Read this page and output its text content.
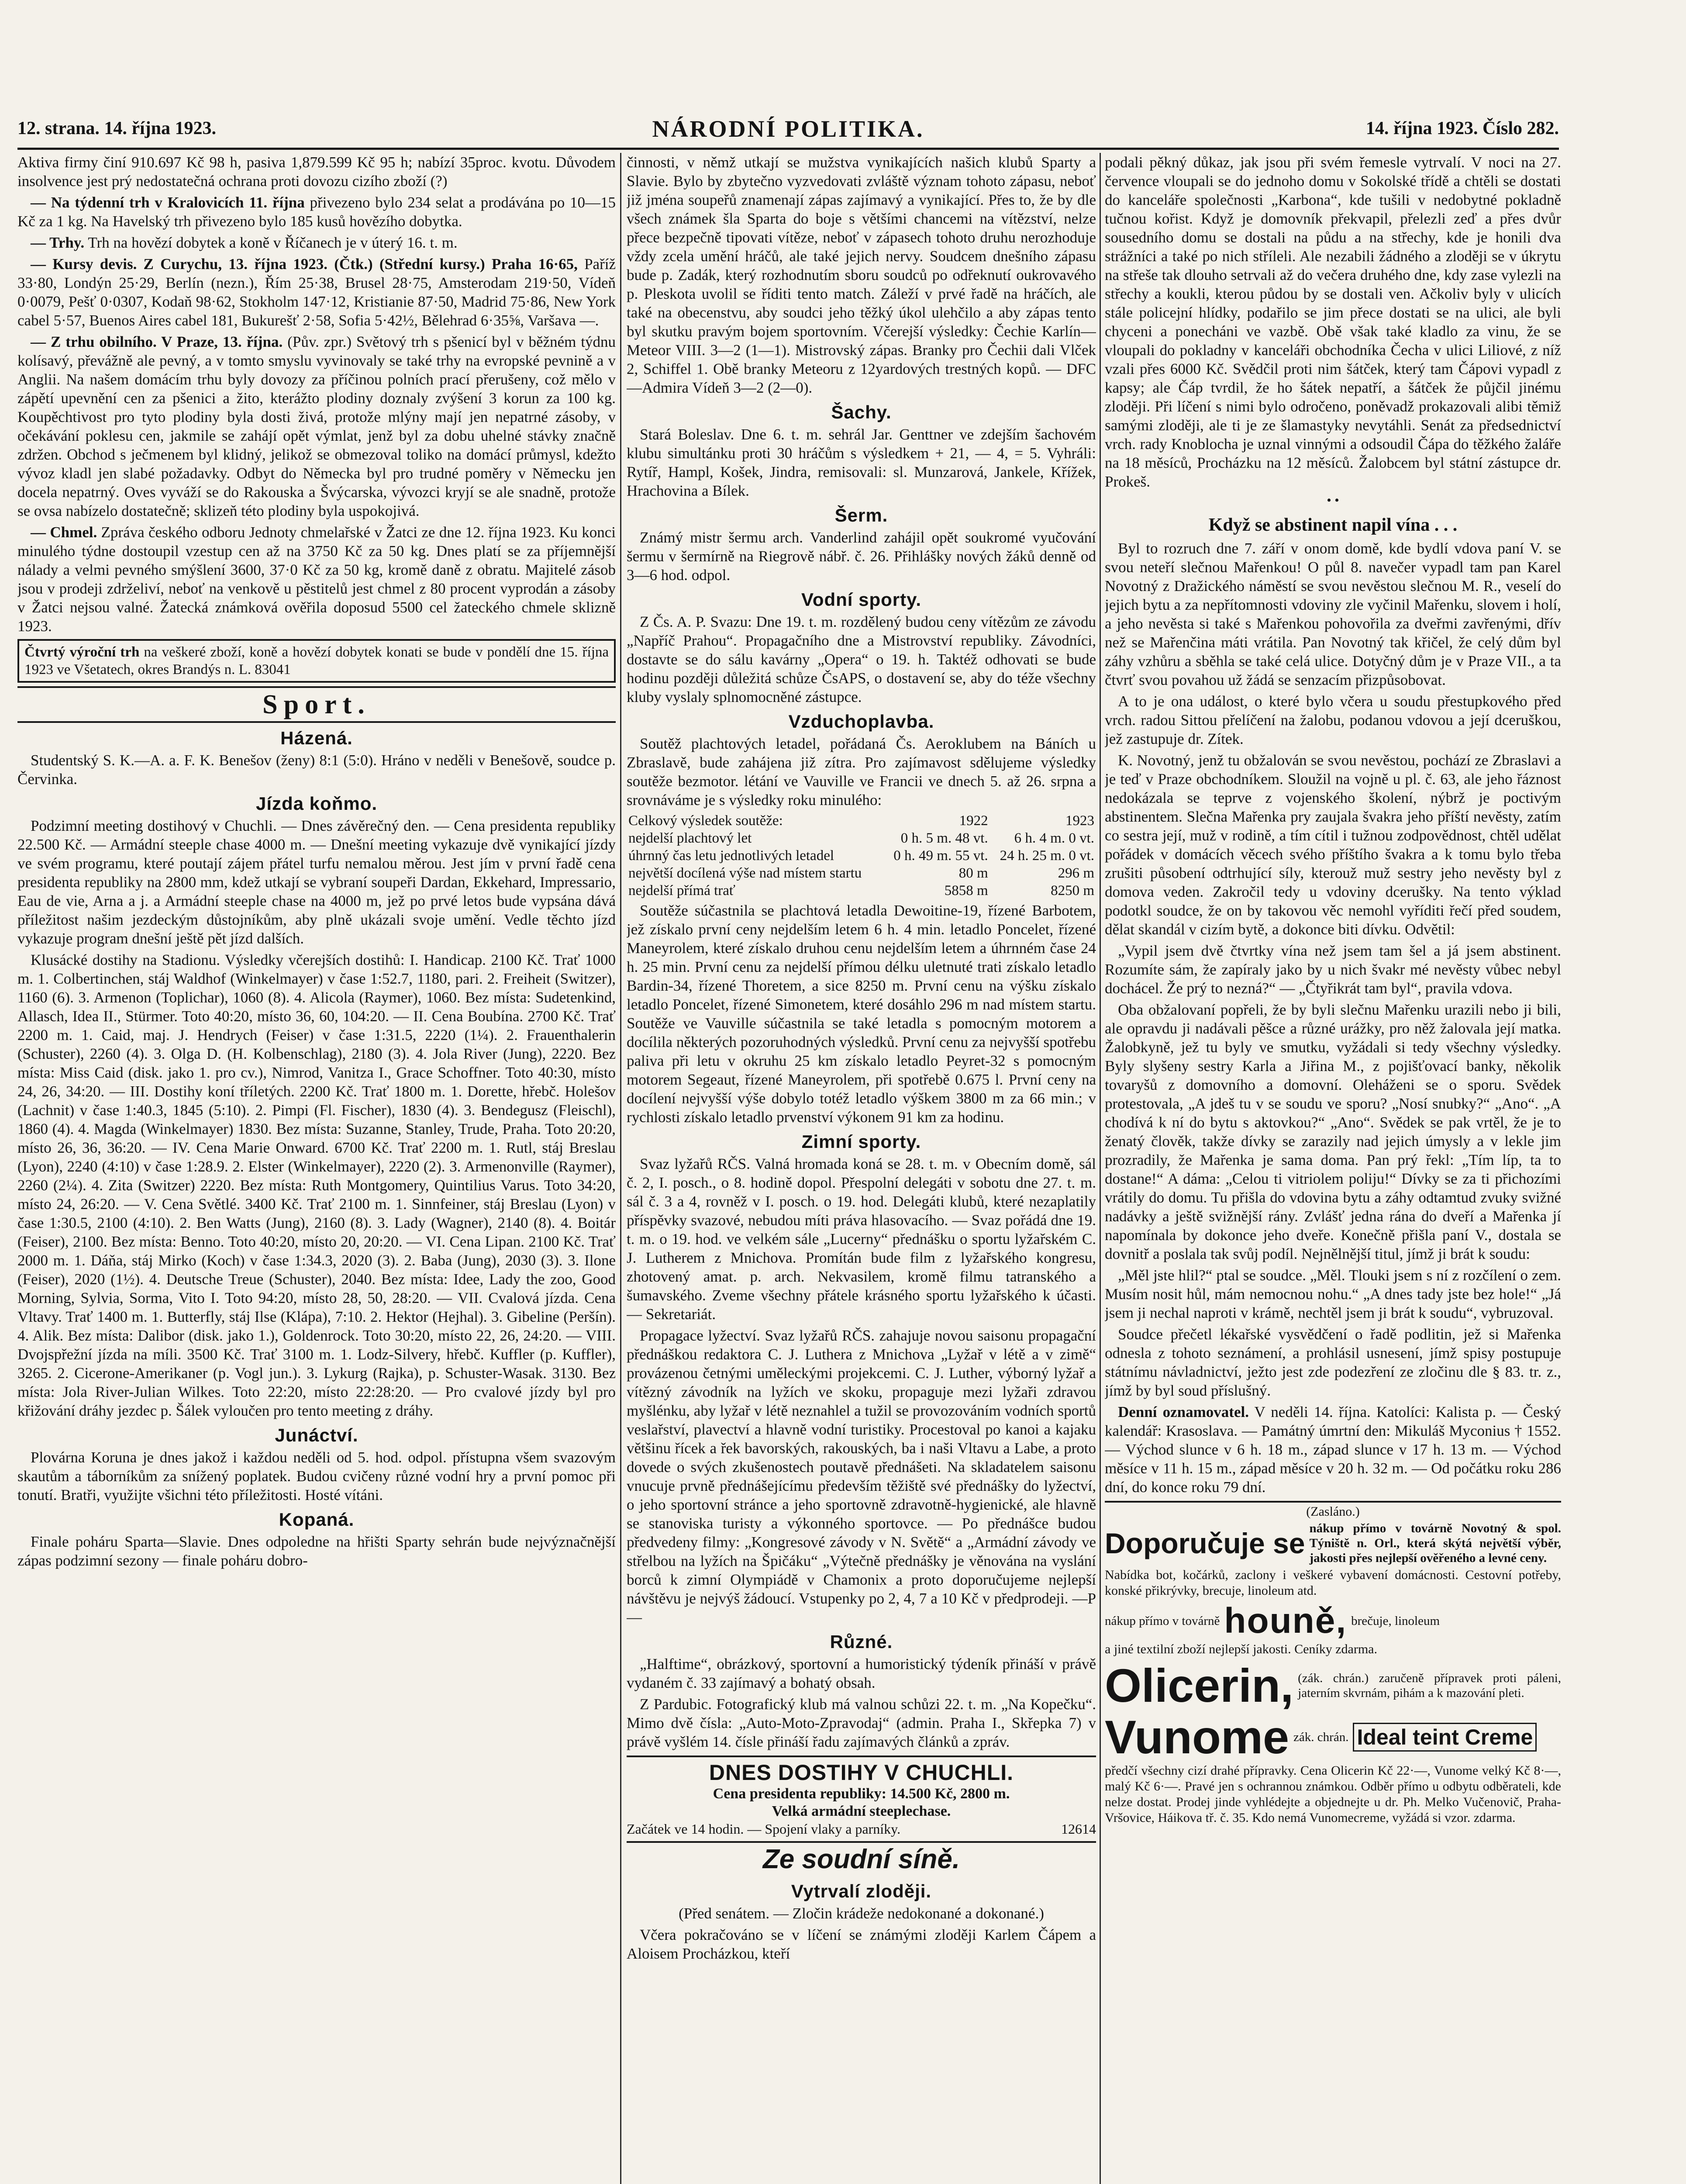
12. strana. 14. října 1923.	NÁRODNÍ POLITIKA.	14. října 1923. Číslo 282.

Aktiva firmy činí 910.697 Kč 98 h, pasiva 1,879.599 Kč 95 h; nabízí 35proc. kvotu. Důvodem insolvence jest prý nedostatečná ochrana proti dovozu cizího zboží (?)

— Na týdenní trh v Kralovicích 11. října přivezeno bylo 234 selat a prodávána po 10—15 Kč za 1 kg. Na Havelský trh přivezeno bylo 185 kusů hovězího dobytka.

— Trhy. Trh na hovězí dobytek a koně v Říčanech je v úterý 16. t. m.

— Kursy devis. Z Curychu, 13. října 1923. (Čtk.) (Střední kursy.) Praha 16·65, Paříž 33·80, Londýn 25·29, Berlín (nezn.), Řím 25·38, Brusel 28·75, Amsterodam 219·50, Vídeň 0·0079, Pešť 0·0307, Kodaň 98·62, Stokholm 147·12, Kristianie 87·50, Madrid 75·86, New York cabel 5·57, Buenos Aires cabel 181, Bukurešť 2·58, Sofia 5·42½, Bělehrad 6·35⅝, Varšava —.

— Z trhu obilního. V Praze, 13. října. (Pův. zpr.) Světový trh s pšenicí byl v běžném týdnu kolísavý, převážně ale pevný, a v tomto smyslu vyvinovaly se také trhy na evropské pevnině a v Anglii. Na našem domácím trhu byly dovozy za příčinou polních prací přerušeny, což mělo v zápětí upevnění cen za pšenici a žito, kterážto plodiny doznaly zvýšení 3 korun za 100 kg. Koupěchtivost pro tyto plodiny byla dosti živá, protože mlýny mají jen nepatrné zásoby, v očekávání poklesu cen, jakmile se zahájí opět výmlat, jenž byl za dobu uhelné stávky značně zdržen. Obchod s ječmenem byl klidný, jelikož se obmezoval toliko na domácí průmysl, kdežto vývoz kladl jen slabé požadavky. Odbyt do Německa byl pro trudné poměry v Německu jen docela nepatrný. Oves vyváží se do Rakouska a Švýcarska, vývozci kryjí se ale snadně, protože se ovsa nabízelo dostatečně; sklizeň této plodiny byla uspokojivá.

— Chmel. Zpráva českého odboru Jednoty chmelařské v Žatci ze dne 12. října 1923. Ku konci minulého týdne dostoupil vzestup cen až na 3750 Kč za 50 kg. Dnes platí se za příjemnější nálady a velmi pevného smýšlení 3600, 37·0 Kč za 50 kg, kromě daně z obratu. Majitelé zásob jsou v prodeji zdrželiví, neboť na venkově u pěstitelů jest chmel z 80 procent vyprodán a zásoby v Žatci nejsou valné. Žatecká známková ověřila doposud 5500 cel žateckého chmele sklizně 1923.

Čtvrtý výroční trh na veškeré zboží, koně a hovězí dobytek konati se bude v pondělí dne 15. října 1923 ve Všetatech, okres Brandýs n. L. 83041
Sport.
Házená.

Studentský S. K.—A. a. F. K. Benešov (ženy) 8:1 (5:0). Hráno v neděli v Benešově, soudce p. Červinka.

Jízda koňmo.

Podzimní meeting dostihový v Chuchli. — Dnes závěrečný den. — Cena presidenta republiky 22.500 Kč. — Armádní steeple chase 4000 m. — Dnešní meeting vykazuje dvě vynikající jízdy ve svém programu, které poutají zájem přátel turfu nemalou měrou. Jest jím v první řadě cena presidenta republiky na 2800 mm, kdež utkají se vybraní soupeři Dardan, Ekkehard, Impressario, Eau de vie, Arna a j. a Armádní steeple chase na 4000 m, jež po prvé letos bude vypsána dává příležitost našim jezdeckým důstojníkům, aby plně ukázali svoje umění. Vedle těchto jízd vykazuje program dnešní ještě pět jízd dalších.

Klusácké dostihy na Stadionu. Výsledky včerejších dostihů: I. Handicap. 2100 Kč. Trať 1000 m. 1. Colbertinchen, stáj Waldhof (Winkelmayer) v čase 1:52.7, 1180, pari. 2. Freiheit (Switzer), 1160 (6). 3. Armenon (Toplichar), 1060 (8). 4. Alicola (Raymer), 1060. Bez místa: Sudetenkind, Allasch, Idea II., Stürmer. Toto 40:20, místo 36, 60, 104:20. — II. Cena Boubína. 2700 Kč. Trať 2200 m. 1. Caid, maj. J. Hendrych (Feiser) v čase 1:31.5, 2220 (1¼). 2. Frauenthalerin (Schuster), 2260 (4). 3. Olga D. (H. Kolbenschlag), 2180 (3). 4. Jola River (Jung), 2220. Bez místa: Miss Caid (disk. jako 1. pro cv.), Nimrod, Vanitza I., Grace Schoffner. Toto 40:30, místo 24, 26, 34:20. — III. Dostihy koní tříletých. 2200 Kč. Trať 1800 m. 1. Dorette, hřebč. Holešov (Lachnit) v čase 1:40.3, 1845 (5:10). 2. Pimpi (Fl. Fischer), 1830 (4). 3. Bendegusz (Fleischl), 1860 (4). 4. Magda (Winkelmayer) 1830. Bez místa: Suzanne, Stanley, Trude, Praha. Toto 20:20, místo 26, 36, 36:20. — IV. Cena Marie Onward. 6700 Kč. Trať 2200 m. 1. Rutl, stáj Breslau (Lyon), 2240 (4:10) v čase 1:28.9. 2. Elster (Winkelmayer), 2220 (2). 3. Armenonville (Raymer), 2260 (2¼). 4. Zita (Switzer) 2220. Bez místa: Ruth Montgomery, Quintilius Varus. Toto 34:20, místo 24, 26:20. — V. Cena Světlé. 3400 Kč. Trať 2100 m. 1. Sinnfeiner, stáj Breslau (Lyon) v čase 1:30.5, 2100 (4:10). 2. Ben Watts (Jung), 2160 (8). 3. Lady (Wagner), 2140 (8). 4. Boitár (Feiser), 2100. Bez místa: Benno. Toto 40:20, místo 20, 20:20. — VI. Cena Lipan. 2100 Kč. Trať 2000 m. 1. Dáňa, stáj Mirko (Koch) v čase 1:34.3, 2020 (3). 2. Baba (Jung), 2030 (3). 3. Ilone (Feiser), 2020 (1½). 4. Deutsche Treue (Schuster), 2040. Bez místa: Idee, Lady the zoo, Good Morning, Sylvia, Sorma, Vito I. Toto 94:20, místo 28, 50, 28:20. — VII. Cvalová jízda. Cena Vltavy. Trať 1400 m. 1. Butterfly, stáj Ilse (Klápa), 7:10. 2. Hektor (Hejhal). 3. Gibeline (Peršín). 4. Alik. Bez místa: Dalibor (disk. jako 1.), Goldenrock. Toto 30:20, místo 22, 26, 24:20. — VIII. Dvojspřežní jízda na míli. 3500 Kč. Trať 3100 m. 1. Lodz-Silvery, hřebč. Kuffler (p. Kuffler), 3265. 2. Cicerone-Amerikaner (p. Vogl jun.). 3. Lykurg (Rajka), p. Schuster-Wasak. 3130. Bez místa: Jola River-Julian Wilkes. Toto 22:20, místo 22:28:20. — Pro cvalové jízdy byl pro křižování dráhy jezdec p. Šálek vyloučen pro tento meeting z dráhy.

Junáctví.

Plovárna Koruna je dnes jakož i každou neděli od 5. hod. odpol. přístupna všem svazovým skautům a táborníkům za snížený poplatek. Budou cvičeny různé vodní hry a první pomoc při tonutí. Bratři, využijte všichni této příležitosti. Hosté vítáni.

Kopaná.

Finale poháru Sparta—Slavie. Dnes odpoledne na hřišti Sparty sehrán bude nejvýznačnější zápas podzimní sezony — finale poháru dobro-

činnosti, v němž utkají se mužstva vynikajících našich klubů Sparty a Slavie. Bylo by zbytečno vyzvedovati zvláště význam tohoto zápasu, neboť již jména soupeřů znamenají zápas zajímavý a vynikající. Přes to, že by dle všech známek šla Sparta do boje s většími chancemi na vítězství, nelze přece bezpečně tipovati vítěze, neboť v zápasech tohoto druhu nerozhoduje vždy zcela umění hráčů, ale také jejich nervy. Soudcem dnešního zápasu bude p. Zadák, který rozhodnutím sboru soudců po odřeknutí oukrovavého p. Pleskota uvolil se říditi tento match. Záleží v prvé řadě na hráčích, ale také na obecenstvu, aby soudci jeho těžký úkol ulehčilo a aby zápas tento byl skutku pravým bojem sportovním. Včerejší výsledky: Čechie Karlín—Meteor VIII. 3—2 (1—1). Mistrovský zápas. Branky pro Čechii dali Vlček 2, Schiffel 1. Obě branky Meteoru z 12yardových trestných kopů. — DFC—Admira Vídeň 3—2 (2—0).

Šachy.

Stará Boleslav. Dne 6. t. m. sehrál Jar. Genttner ve zdejším šachovém klubu simultánku proti 30 hráčům s výsledkem + 21, — 4, = 5. Vyhráli: Rytíř, Hampl, Košek, Jindra, remisovali: sl. Munzarová, Jankele, Křížek, Hrachovina a Bílek.

Šerm.

Známý mistr šermu arch. Vanderlind zahájil opět soukromé vyučování šermu v šermírně na Riegrově nábř. č. 26. Přihlášky nových žáků denně od 3—6 hod. odpol.

Vodní sporty.

Z Čs. A. P. Svazu: Dne 19. t. m. rozdělený budou ceny vítězům ze závodu „Napříč Prahou“. Propagačního dne a Mistrovství republiky. Závodníci, dostavte se do sálu kavárny „Opera“ o 19. h. Taktéž odhovati se bude hodinu později důležitá schůze ČsAPS, o dostavení se, aby do téže všechny kluby vyslaly splnomocněné zástupce.

Vzduchoplavba.

Soutěž plachtových letadel, pořádaná Čs. Aeroklubem na Báních u Zbraslavě, bude zahájena již zítra. Pro zajímavost sdělujeme výsledky soutěže bezmotor. létání ve Vauville ve Francii ve dnech 5. až 26. srpna a srovnáváme je s výsledky roku minulého:

Celkový výsledek soutěže:	1922	1923
nejdelší plachtový let	0 h. 5 m. 48 vt.	6 h. 4 m. 0 vt.
úhrnný čas letu jednotlivých letadel	0 h. 49 m. 55 vt.	24 h. 25 m. 0 vt.
největší docílená výše nad místem startu	80 m	296 m
nejdelší přímá trať	5858 m	8250 m

Soutěže súčastnila se plachtová letadla Dewoitine-19, řízené Barbotem, jež získalo první ceny nejdelším letem 6 h. 4 min. letadlo Poncelet, řízené Maneyrolem, které získalo druhou cenu nejdelším letem a úhrnném čase 24 h. 25 min. První cenu za nejdelší přímou délku uletnuté trati získalo letadlo Bardin-34, řízené Thoretem, a sice 8250 m. První cenu na výšku získalo letadlo Poncelet, řízené Simonetem, které dosáhlo 296 m nad místem startu. Soutěže ve Vauville súčastnila se také letadla s pomocným motorem a docílila některých pozoruhodných výsledků. První cenu za nejvyšší spotřebu paliva při letu v okruhu 25 km získalo letadlo Peyret-32 s pomocným motorem Segeaut, řízené Maneyrolem, při spotřebě 0.675 l. První ceny na docílení nejvyšší výše dobylo totéž letadlo výškem 3800 m za 66 min.; v rychlosti získalo letadlo prvenství výkonem 91 km za hodinu.

Zimní sporty.

Svaz lyžařů RČS. Valná hromada koná se 28. t. m. v Obecním domě, sál č. 2, I. posch., o 8. hodině dopol. Přespolní delegáti v sobotu dne 27. t. m. sál č. 3 a 4, rovněž v I. posch. o 19. hod. Delegáti klubů, které nezaplatily příspěvky svazové, nebudou míti práva hlasovacího. — Svaz pořádá dne 19. t. m. o 19. hod. ve velkém sále „Lucerny“ přednášku o sportu lyžařském C. J. Lutherem z Mnichova. Promítán bude film z lyžařského kongresu, zhotovený amat. p. arch. Nekvasilem, kromě filmu tatranského a šumavského. Zveme všechny přátele krásného sportu lyžařského k účasti. — Sekretariát.

Propagace lyžectví. Svaz lyžařů RČS. zahajuje novou saisonu propagační přednáškou redaktora C. J. Luthera z Mnichova „Lyžař v létě a v zimě“ provázenou četnými uměleckými projekcemi. C. J. Luther, výborný lyžař a vítězný závodník na lyžích ve skoku, propaguje mezi lyžaři zdravou myšlénku, aby lyžař v létě neznahlel a tužil se provozováním vodních sportů veslařství, plavectví a hlavně vodní turistiky. Procestoval po kanoi a kajaku většinu řícek a řek bavorských, rakouských, ba i naši Vltavu a Labe, a proto dovede o svých zkušenostech poutavě přednášeti. Na skladatelem saisonu vnucuje prvně přednášejícímu především těžiště své přednášky do lyžectví, o jeho sportovní stránce a jeho sportovně zdravotně-hygienické, ale hlavně se stanoviska turisty a výkonného sportovce. — Po přednášce budou předvedeny filmy: „Kongresové závody v N. Světě“ a „Armádní závody ve střelbou na lyžích na Špičáku“ „Výtečně přednášky je věnována na vyslání borců k zimní Olympiádě v Chamonix a proto doporučujeme nejlepší návštěvu je nejvýš žádoucí. Vstupenky po 2, 4, 7 a 10 Kč v předprodeji. —P—

Různé.

„Halftime“, obrázkový, sportovní a humoristický týdeník přináší v právě vydaném č. 33 zajímavý a bohatý obsah.

Z Pardubic. Fotografický klub má valnou schůzi 22. t. m. „Na Kopečku“. Mimo dvě čísla: „Auto-Moto-Zpravodaj“ (admin. Praha I., Skřepka 7) v právě vyšlém 14. čísle přináší řadu zajímavých článků a zpráv.

DNES DOSTIHY V CHUCHLI.
Cena presidenta republiky: 14.500 Kč, 2800 m.
Velká armádní steeplechase.
Začátek ve 14 hodin. — Spojení vlaky a parníky.	12614
Ze soudní síně.
Vytrvalí zloději.

(Před senátem. — Zločin krádeže nedokonané a dokonané.)

Včera pokračováno se v líčení se známými zloději Karlem Čápem a Aloisem Procházkou, kteří

podali pěkný důkaz, jak jsou při svém řemesle vytrvalí. V noci na 27. července vloupali se do jednoho domu v Sokolské třídě a chtěli se dostati do kanceláře společnosti „Karbona“, kde tušili v nedobytné pokladně tučnou kořist. Když je domovník překvapil, přelezli zeď a přes dvůr sousedního domu se dostali na půdu a na střechy, kde je honili dva strážníci a také po nich stříleli. Ale nezabili žádného a zloději se v úkrytu na střeše tak dlouho setrvali až do večera druhého dne, kdy zase vylezli na střechy a koukli, kterou půdou by se dostali ven. Ačkoliv byly v ulicích stále policejní hlídky, podařilo se jim přece dostati se na ulici, ale byli chyceni a ponecháni ve vazbě. Obě však také kladlo za vinu, že se vloupali do pokladny v kanceláři obchodníka Čecha v ulici Liliové, z níž vzali přes 6000 Kč. Svědčil proti nim šátček, který tam Čápovi vypadl z kapsy; ale Čáp tvrdil, že ho šátek nepatří, a šátček že půjčil jinému zloději. Při líčení s nimi bylo odročeno, poněvadž prokazovali alibi těmiž samými zloději, ale ti je ze šlamastyky nevytáhli. Senát za předsednictví vrch. rady Knoblocha je uznal vinnými a odsoudil Čápa do těžkého žaláře na 18 měsíců, Procházku na 12 měsíců. Žalobcem byl státní zástupce dr. Prokeš.

• •
Když se abstinent napil vína . . .

Byl to rozruch dne 7. září v onom domě, kde bydlí vdova paní V. se svou neteří slečnou Mařenkou! O půl 8. navečer vypadl tam pan Karel Novotný z Dražického náměstí se svou nevěstou slečnou M. R., veselí do jejich bytu a za nepřítomnosti vdoviny zle vyčinil Mařenku, slovem i holí, a jeho nevěsta si také s Mařenkou pohovořila za dveřmi zavřenými, dřív než se Mařenčina máti vrátila. Pan Novotný tak křičel, že celý dům byl záhy vzhůru a sběhla se také celá ulice. Dotyčný dům je v Praze VII., a ta čtvrť svou povahou už žádá se senzacím přizpůsobovat.

A to je ona událost, o které bylo včera u soudu přestupkového před vrch. radou Sittou přelíčení na žalobu, podanou vdovou a její dceruškou, jež zastupuje dr. Zítek.

K. Novotný, jenž tu obžalován se svou nevěstou, pochází ze Zbraslavi a je teď v Praze obchodníkem. Sloužil na vojně u pl. č. 63, ale jeho řáznost nedokázala se teprve z vojenského školení, nýbrž je poctivým abstinentem. Slečna Mařenka pry zaujala švakra jeho příští nevěsty, zatím co sestra její, muž v rodině, a tím cítil i tužnou zodpovědnost, chtěl udělat pořádek v domácích věcech svého příštího švakra a k tomu bylo třeba zrušiti působení odtrhující síly, kterouž muž sestry jeho nevěsty byl z domova veden. Zakročil tedy u vdoviny dcerušky. Na tento výklad podotkl soudce, že on by takovou věc nemohl vyříditi řečí před soudem, dělat skandál v cizím bytě, a dokonce biti dívku. Odvětil:

„Vypil jsem dvě čtvrtky vína než jsem tam šel a já jsem abstinent. Rozumíte sám, že zapíraly jako by u nich švakr mé nevěsty vůbec nebyl dochácel. Že prý to nezná?“ — „Čtyřikrát tam byl“, pravila vdova.

Oba obžalovaní popřeli, že by byli slečnu Mařenku urazili nebo ji bili, ale opravdu ji nadávali pěšce a různé urážky, pro něž žalovala její matka. Žalobkyně, jež tu byly ve smutku, vyžádali si tedy všechny výsledky. Byly slyšeny sestry Karla a Jiřina M., z pojišťovací banky, několik tovaryšů z domovního a domovní. Oleháženi se o sporu. Svědek protestovala, „A jdeš tu v se soudu ve sporu? „Nosí snubky?“ „Ano“. „A chodívá k ní do bytu s aktovkou?“ „Ano“. Svědek se pak vrtěl, že je to ženatý člověk, takže dívky se zarazily nad jejich úmysly a v lekle jim prozradily, že Mařenka je sama doma. Pan prý řekl: „Tím líp, ta to dostane!“ A dáma: „Celou ti vitriolem poliju!“ Dívky se za ti přichozími vrátily do domu. Tu přišla do vdovina bytu a záhy odtamtud zvuky svižné nadávky a ještě svižnější rány. Zvlášť jedna rána do dveří a Mařenka jí napomínala by dokonce jeho dveře. Konečně přišla paní V., dostala se dovnitř a poslala tak svůj podíl. Nejnělnější titul, jímž ji brát k soudu:

„Měl jste hlil?“ ptal se soudce. „Měl. Tlouki jsem s ní z rozčílení o zem. Musím nosit hůl, mám nemocnou nohu.“ „A dnes tady jste bez hole!“ „Já jsem ji nechal naproti v krámě, nechtěl jsem ji brát k soudu“, vybruzoval.

Soudce přečetl lékařské vysvědčení o řadě podlitin, jež si Mařenka odnesla z tohoto seznámení, a prohlásil usnesení, jímž spisy postupuje státnímu návladnictví, ježto jest zde podezření ze zločinu dle § 83. tr. z., jímž by byl soud příslušný.

Denní oznamovatel. V neděli 14. října. Katolíci: Kalista p. — Český kalendář: Krasoslava. — Památný úmrtní den: Mikuláš Myconius † 1552. — Východ slunce v 6 h. 18 m., západ slunce v 17 h. 13 m. — Východ měsíce v 11 h. 15 m., západ měsíce v 20 h. 32 m. — Od počátku roku 286 dní, do konce roku 79 dní.

(Zasláno.)
Doporučuje se nákup přímo v továrně Novotný & spol. Týniště n. Orl., která skýtá největší výběr, jakosti přes nejlepší ověřeného a levné ceny.
Nabídka bot, kočárků, zaclony i veškeré vybavení domácnosti. Cestovní potřeby, konské přikrývky, brecuje, linoleum atd.
nákup přímo v továrně houně, brečuje, linoleum
a jiné textilní zboží nejlepší jakosti. Ceníky zdarma.
Olicerin, (zák. chrán.) zaručeně přípravek proti páleni, jaterním skvrnám, pihám a k mazování pleti.
Vunome zák. chrán. Ideal teint Creme
předčí všechny cizí drahé přípravky. Cena Olicerin Kč 22·—, Vunome velký Kč 8·—, malý Kč 6·—. Pravé jen s ochrannou známkou. Odběr přímo u odbytu odběrateli, kde nelze dostat. Prodej jinde vyhlédejte a objednejte u dr. Ph. Melko Vučenovič, Praha-Vršovice, Háikova tř. č. 35. Kdo nemá Vunomecreme, vyžádá si vzor. zdarma.
